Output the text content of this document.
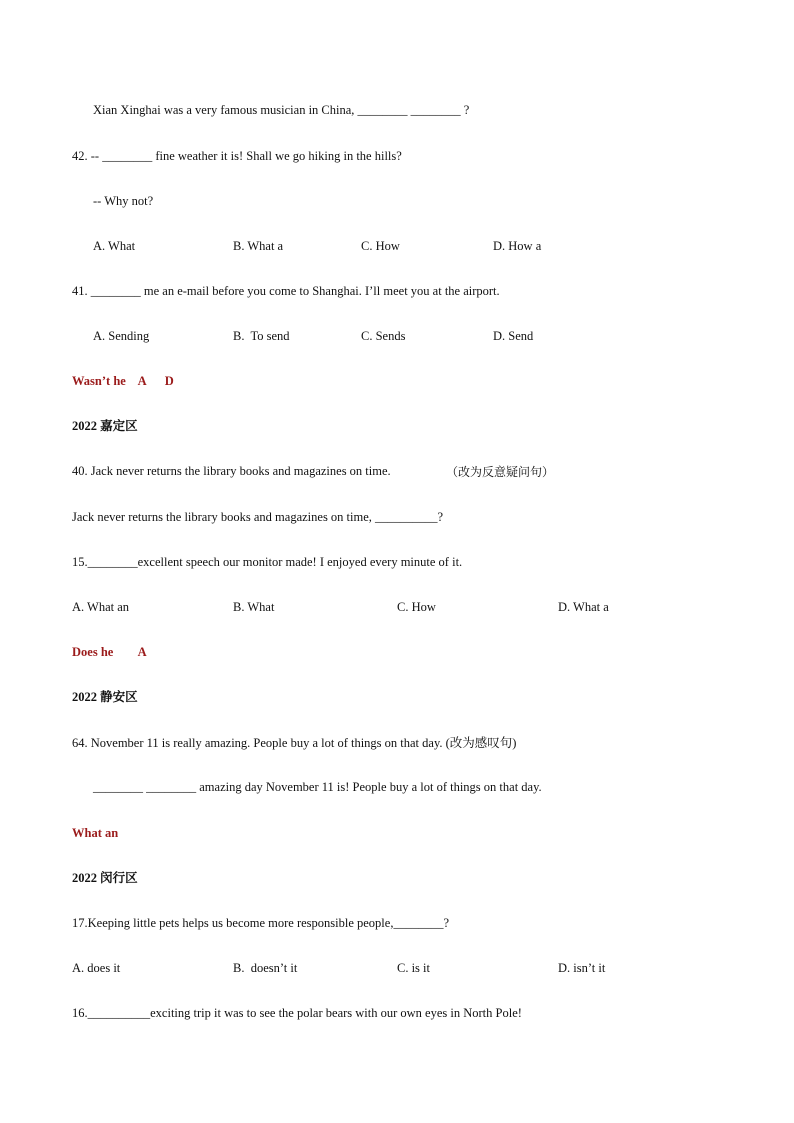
Xian Xinghai was a very famous musician in China, ________ ________ ?
42. -- ________ fine weather it is! Shall we go hiking in the hills?
-- Why not?
A. What	B. What a	C. How	D. How a
41. ________ me an e-mail before you come to Shanghai. I’ll meet you at the airport.
A. Sending	B.  To send	C. Sends	D. Send
Wasn’t he    A      D
2022 嘉定区
40. Jack never returns the library books and magazines on time.	（改为反意疑问句）
Jack never returns the library books and magazines on time, __________?
15.________excellent speech our monitor made! I enjoyed every minute of it.
A. What an	B. What	C. How	D. What a
Does he        A
2022 静安区
64. November 11 is really amazing. People buy a lot of things on that day. (改为感叹句)
________ ________ amazing day November 11 is! People buy a lot of things on that day.
What an
2022 闵行区
17.Keeping little pets helps us become more responsible people,________?
A. does it	B.  doesn’t it	C. is it	D. isn’t it
16.__________exciting trip it was to see the polar bears with our own eyes in North Pole!
